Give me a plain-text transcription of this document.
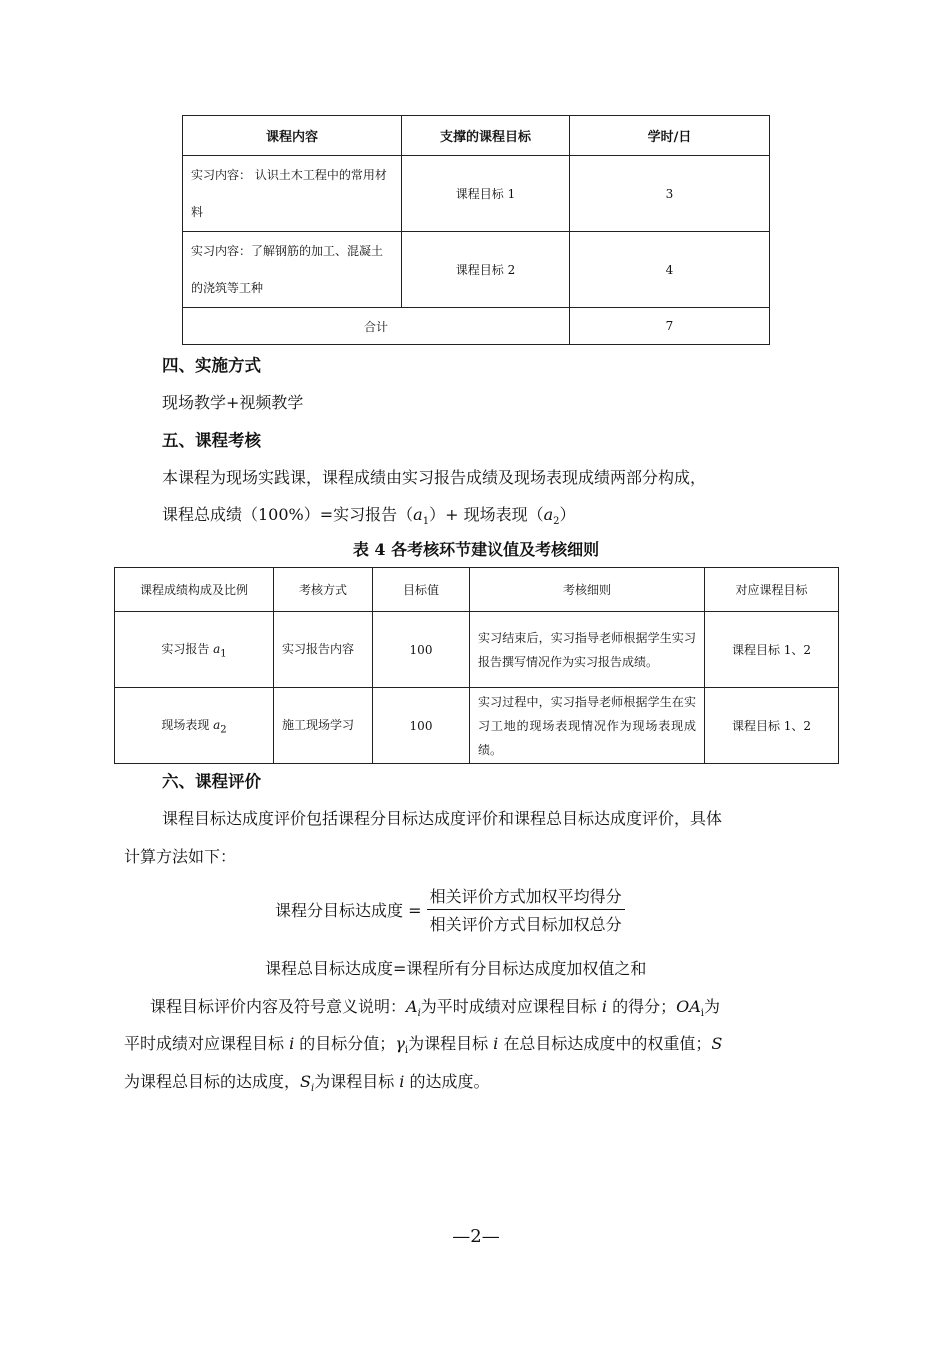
课程内容	支撑的课程目标	学时/日
实习内容： 认识土木工程中的常用材料	课程目标 1	3
实习内容：了解钢筋的加工、混凝土的浇筑等工种	课程目标 2	4
合计		7
四、实施方式
现场教学+视频教学
五、课程考核
本课程为现场实践课，课程成绩由实习报告成绩及现场表现成绩两部分构成，
课程总成绩（100%）=实习报告$(a_1)+$ 现场表现$(a_2)$
表 4 各考核环节建议值及考核细则
课程成绩构成及比例	考核方式	目标值	考核细则	对应课程目标
实习报告 $a_1$	实习报告内容	100	实习结束后，实习指导老师根据学生实习报告撰写情况作为实习报告成绩。	课程目标 1、2
现场表现 $a_2$	施工现场学习	100	实习过程中，实习指导老师根据学生在实习工地的现场表现情况作为现场表现成绩。	课程目标 1、2
六、课程评价
课程目标达成度评价包括课程分目标达成度评价和课程总目标达成度评价，具体
计算方法如下：
课程分目标达成度 = $\frac{\text{相关评价方式加权平均得分}}{\text{相关评价方式目标加权总分}}$
课程总目标达成度=课程所有分目标达成度加权值之和
课程目标评价内容及符号意义说明：$A_i$为平时成绩对应课程目标 i 的得分；$OA_i$为
平时成绩对应课程目标 i 的目标分值；$\gamma_i$为课程目标 i 在总目标达成度中的权重值；S
为课程总目标的达成度，$S_i$为课程目标 i 的达成度。
—2—
